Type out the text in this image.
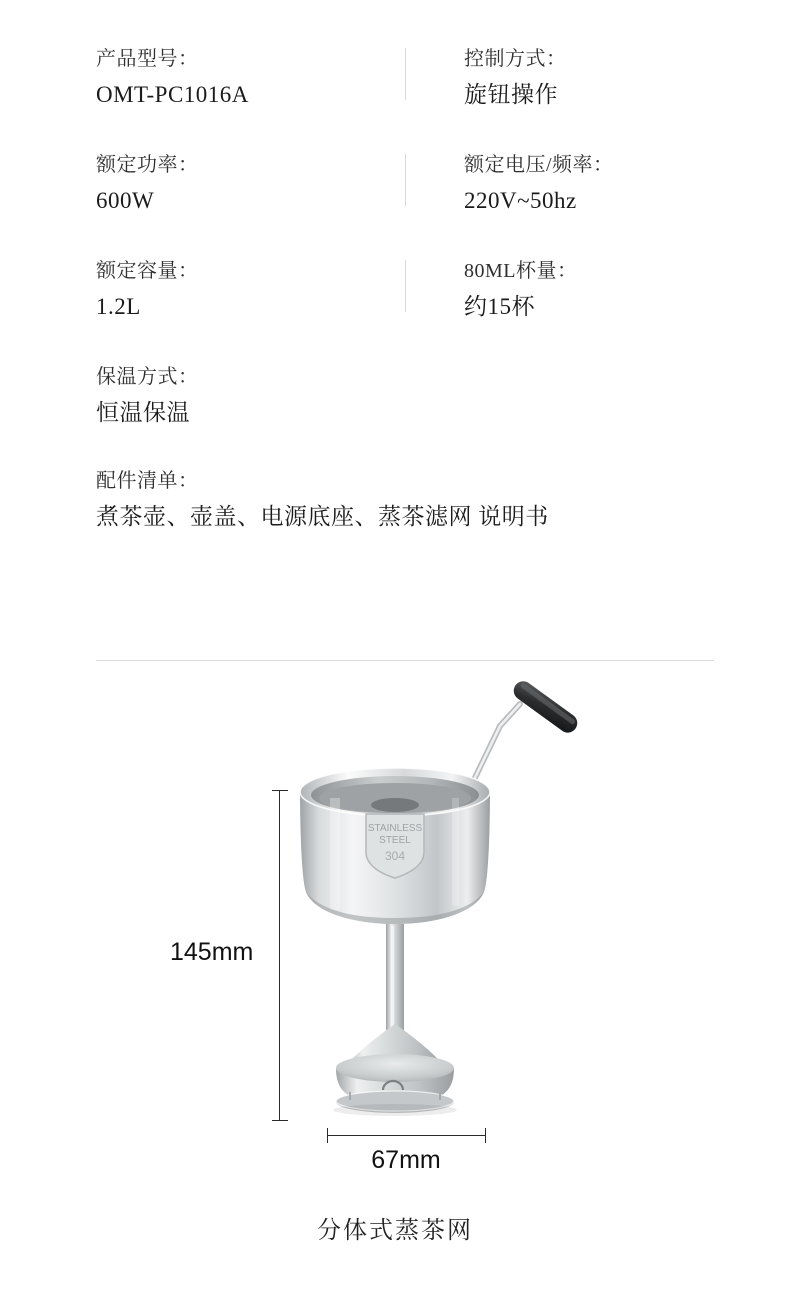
产品型号：
OMT-PC1016A
控制方式：
旋钮操作
额定功率：
600W
额定电压/频率：
220V~50hz
额定容量：
1.2L
80ML杯量：
约15杯
保温方式：
恒温保温
配件清单：
煮茶壶、壶盖、电源底座、蒸茶滤网 说明书
STAINLESS
STEEL
304
145mm
67mm
分体式蒸茶网
